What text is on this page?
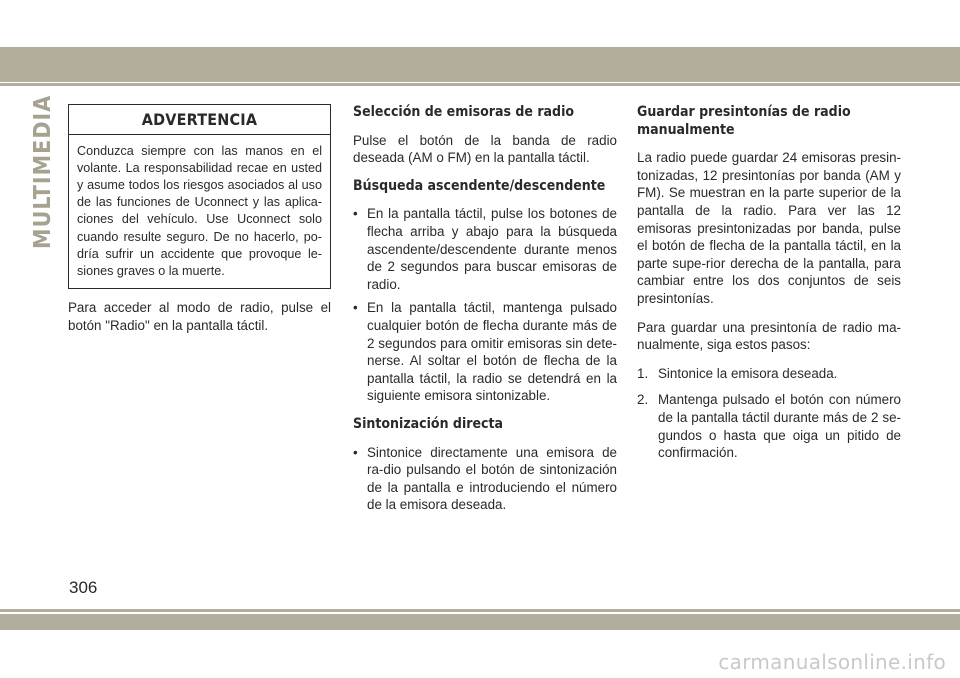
MULTIMEDIA	ADVERTENCIA
Conduzca siempre con las manos en el volante. La responsabilidad recae en usted y asume todos los riesgos asociados al uso de las funciones de Uconnect y las aplica-ciones del vehículo. Use Uconnect solo cuando resulte seguro. De no hacerlo, po-dría sufrir un accidente que provoque le-siones graves o la muerte.

Para acceder al modo de radio, pulse el botón "Radio" en la pantalla táctil.

Selección de emisoras de radio

Pulse el botón de la banda de radio deseada (AM o FM) en la pantalla táctil.

Búsqueda ascendente/descendente
• En la pantalla táctil, pulse los botones de flecha arriba y abajo para la búsqueda ascendente/descendente durante menos de 2 segundos para buscar emisoras de radio.
• En la pantalla táctil, mantenga pulsado cualquier botón de flecha durante más de 2 segundos para omitir emisoras sin dete-nerse. Al soltar el botón de flecha de la pantalla táctil, la radio se detendrá en la siguiente emisora sintonizable.
Sintonización directa
• Sintonice directamente una emisora de ra-dio pulsando el botón de sintonización de la pantalla e introduciendo el número de la emisora deseada.
Guardar presintonías de radio manualmente

La radio puede guardar 24 emisoras presin-tonizadas, 12 presintonías por banda (AM y FM). Se muestran en la parte superior de la pantalla de la radio. Para ver las 12 emisoras presintonizadas por banda, pulse el botón de flecha de la pantalla táctil, en la parte supe-rior derecha de la pantalla, para cambiar entre los dos conjuntos de seis presintonías.

Para guardar una presintonía de radio ma-nualmente, siga estos pasos:

1. Sintonice la emisora deseada.
2. Mantenga pulsado el botón con número de la pantalla táctil durante más de 2 se-gundos o hasta que oiga un pitido de confirmación.
306
carmanualsonline.info
